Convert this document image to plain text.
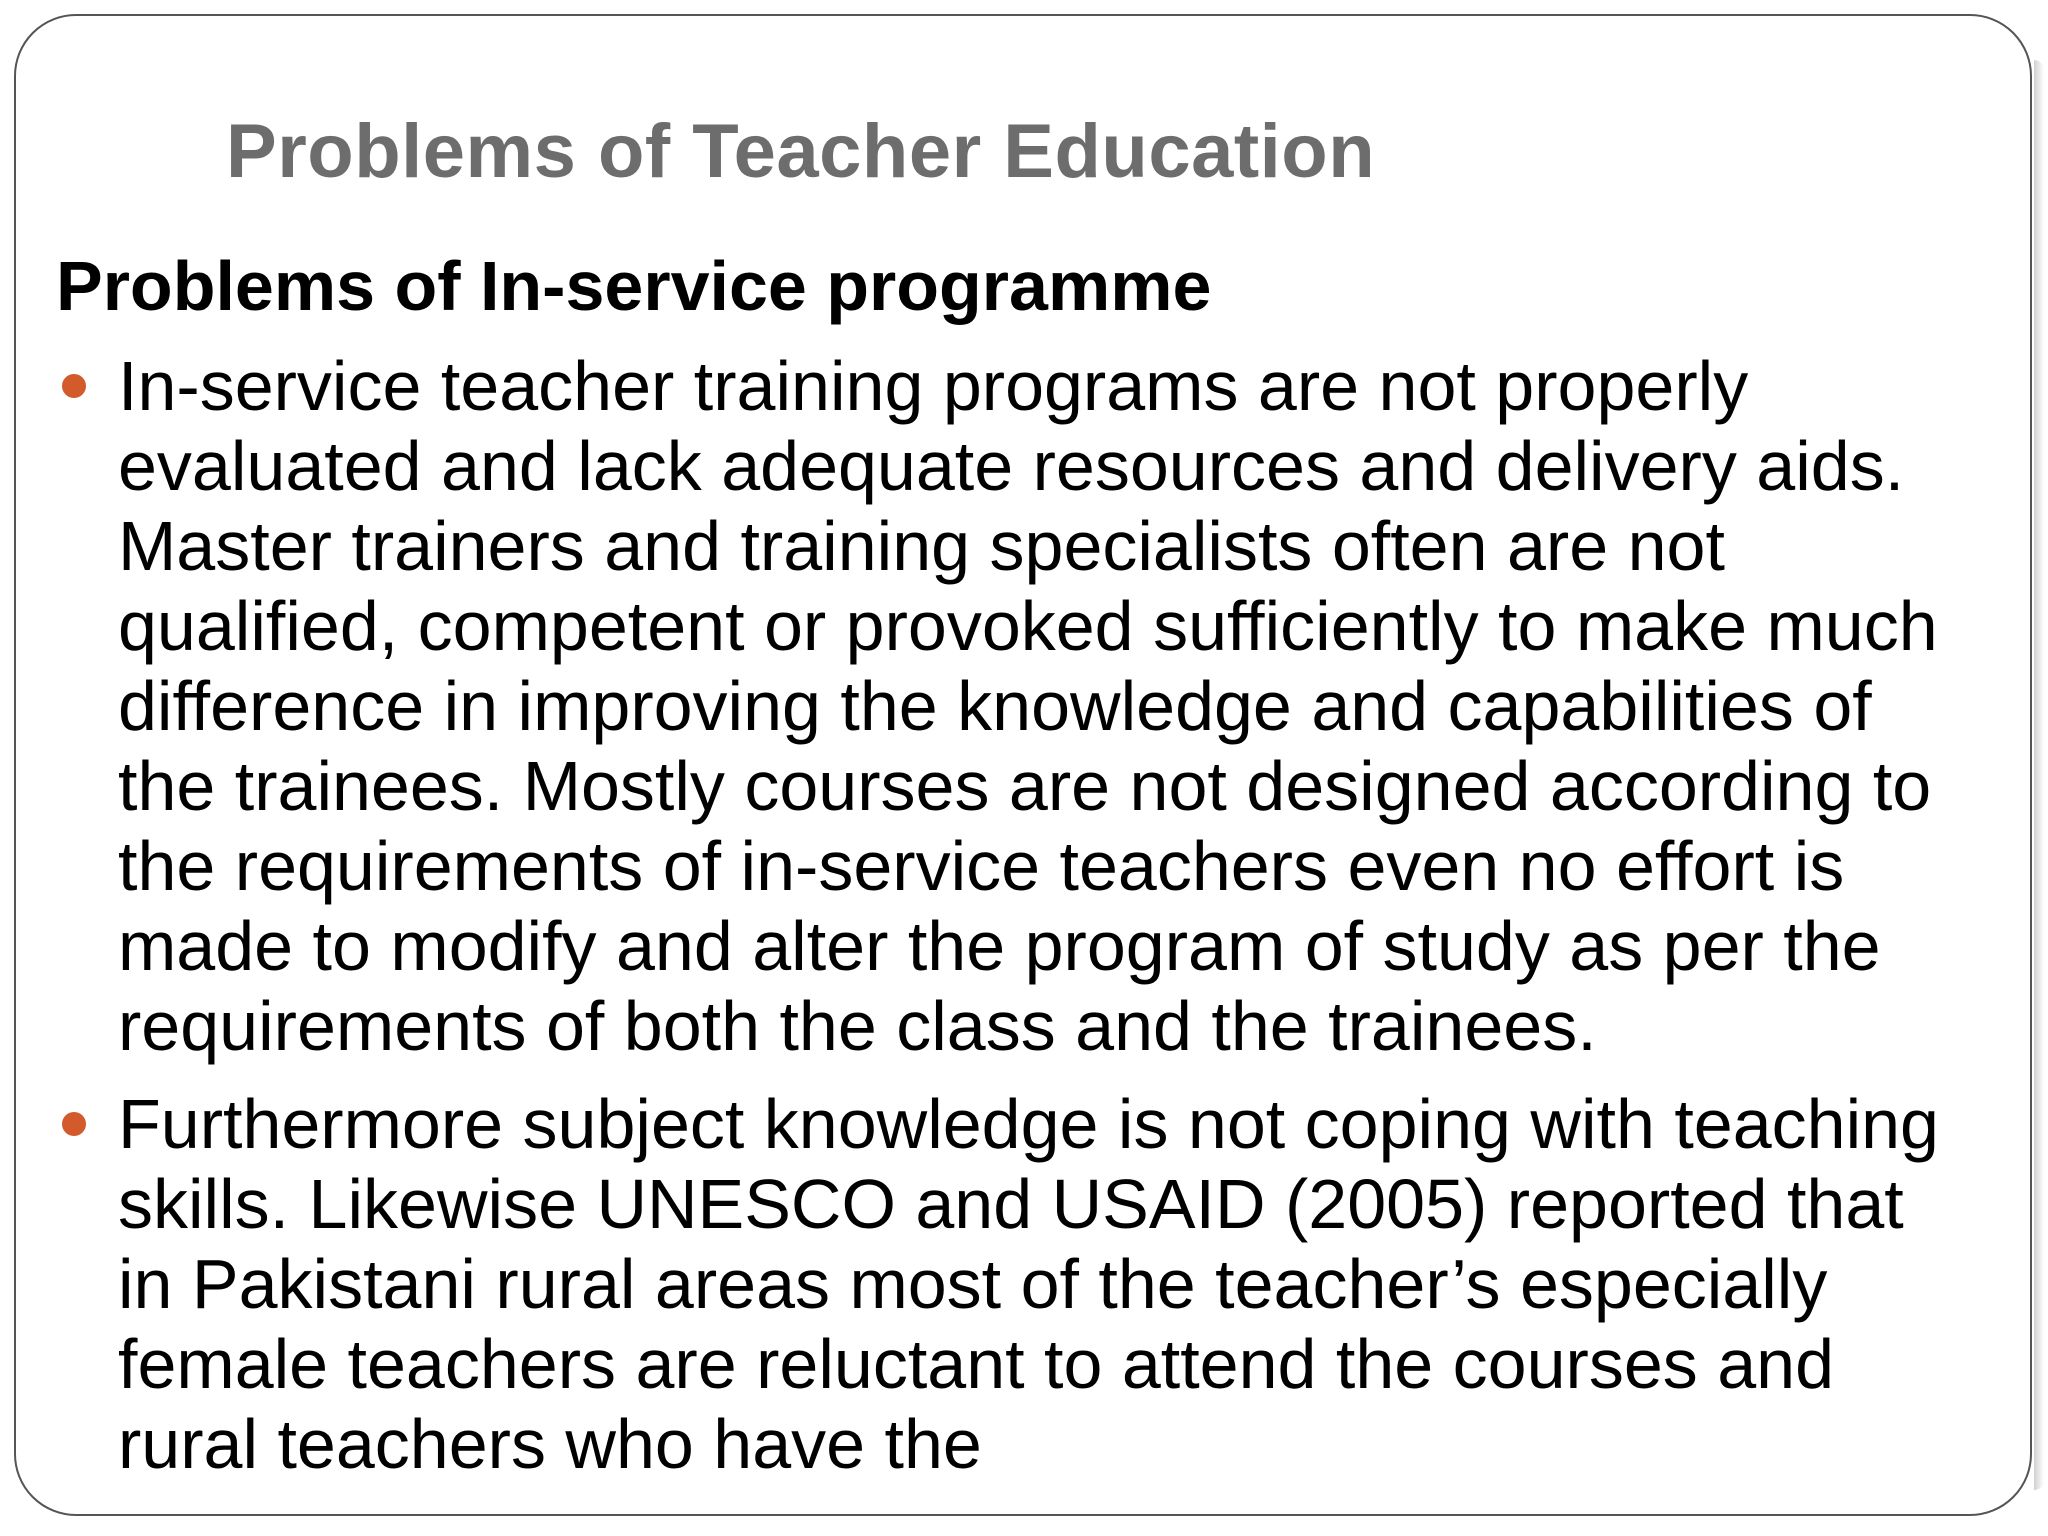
Problems of Teacher Education
Problems of In-service programme
In-service teacher training programs are not properly evaluated and lack adequate resources and delivery aids. Master trainers and training specialists often are not qualified, competent or provoked sufficiently to make much difference in improving the knowledge and capabilities of the trainees. Mostly courses are not designed according to the requirements of in-service teachers even no effort is made to modify and alter the program of study as per the requirements of both the class and the trainees.
Furthermore subject knowledge is not coping with teaching skills. Likewise UNESCO and USAID (2005) reported that in Pakistani rural areas most of the teacher’s especially female teachers are reluctant to attend the courses and rural teachers who have the
